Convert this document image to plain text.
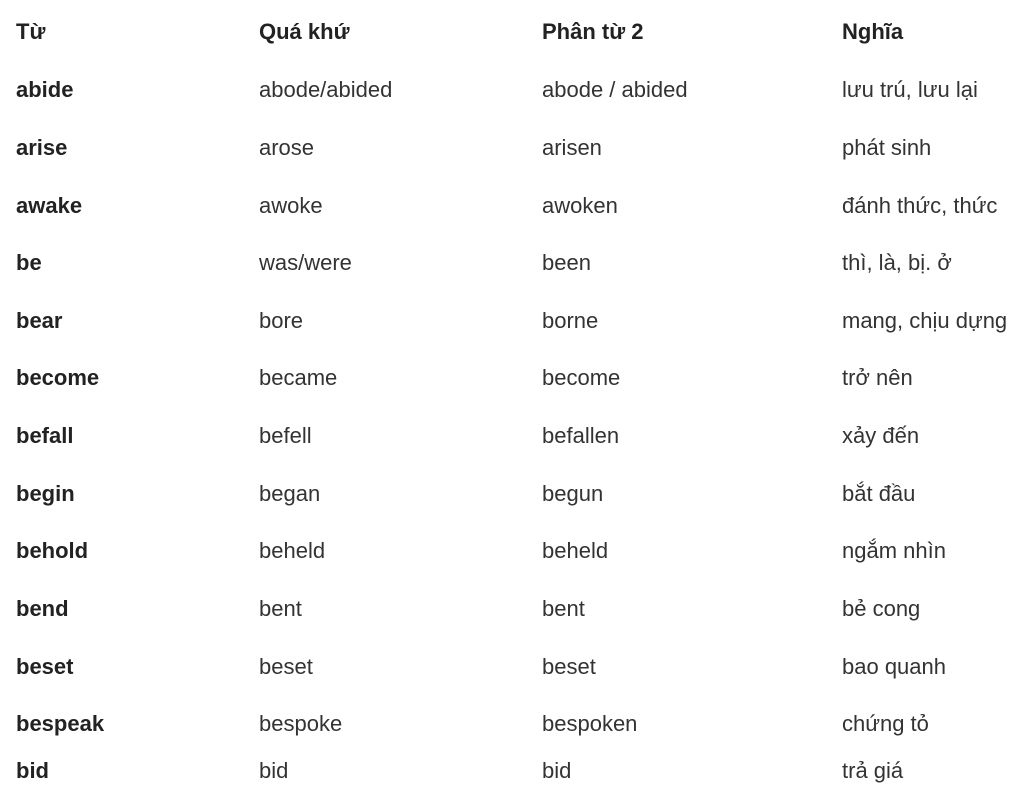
Từ	Quá khứ	Phân từ 2	Nghĩa
abide	abode/abided	abode / abided	lưu trú, lưu lại
arise	arose	arisen	phát sinh
awake	awoke	awoken	đánh thức, thức
be	was/were	been	thì, là, bị. ở
bear	bore	borne	mang, chịu dựng
become	became	become	trở nên
befall	befell	befallen	xảy đến
begin	began	begun	bắt đầu
behold	beheld	beheld	ngắm nhìn
bend	bent	bent	bẻ cong
beset	beset	beset	bao quanh
bespeak	bespoke	bespoken	chứng tỏ
bid	bid	bid	trả giá
